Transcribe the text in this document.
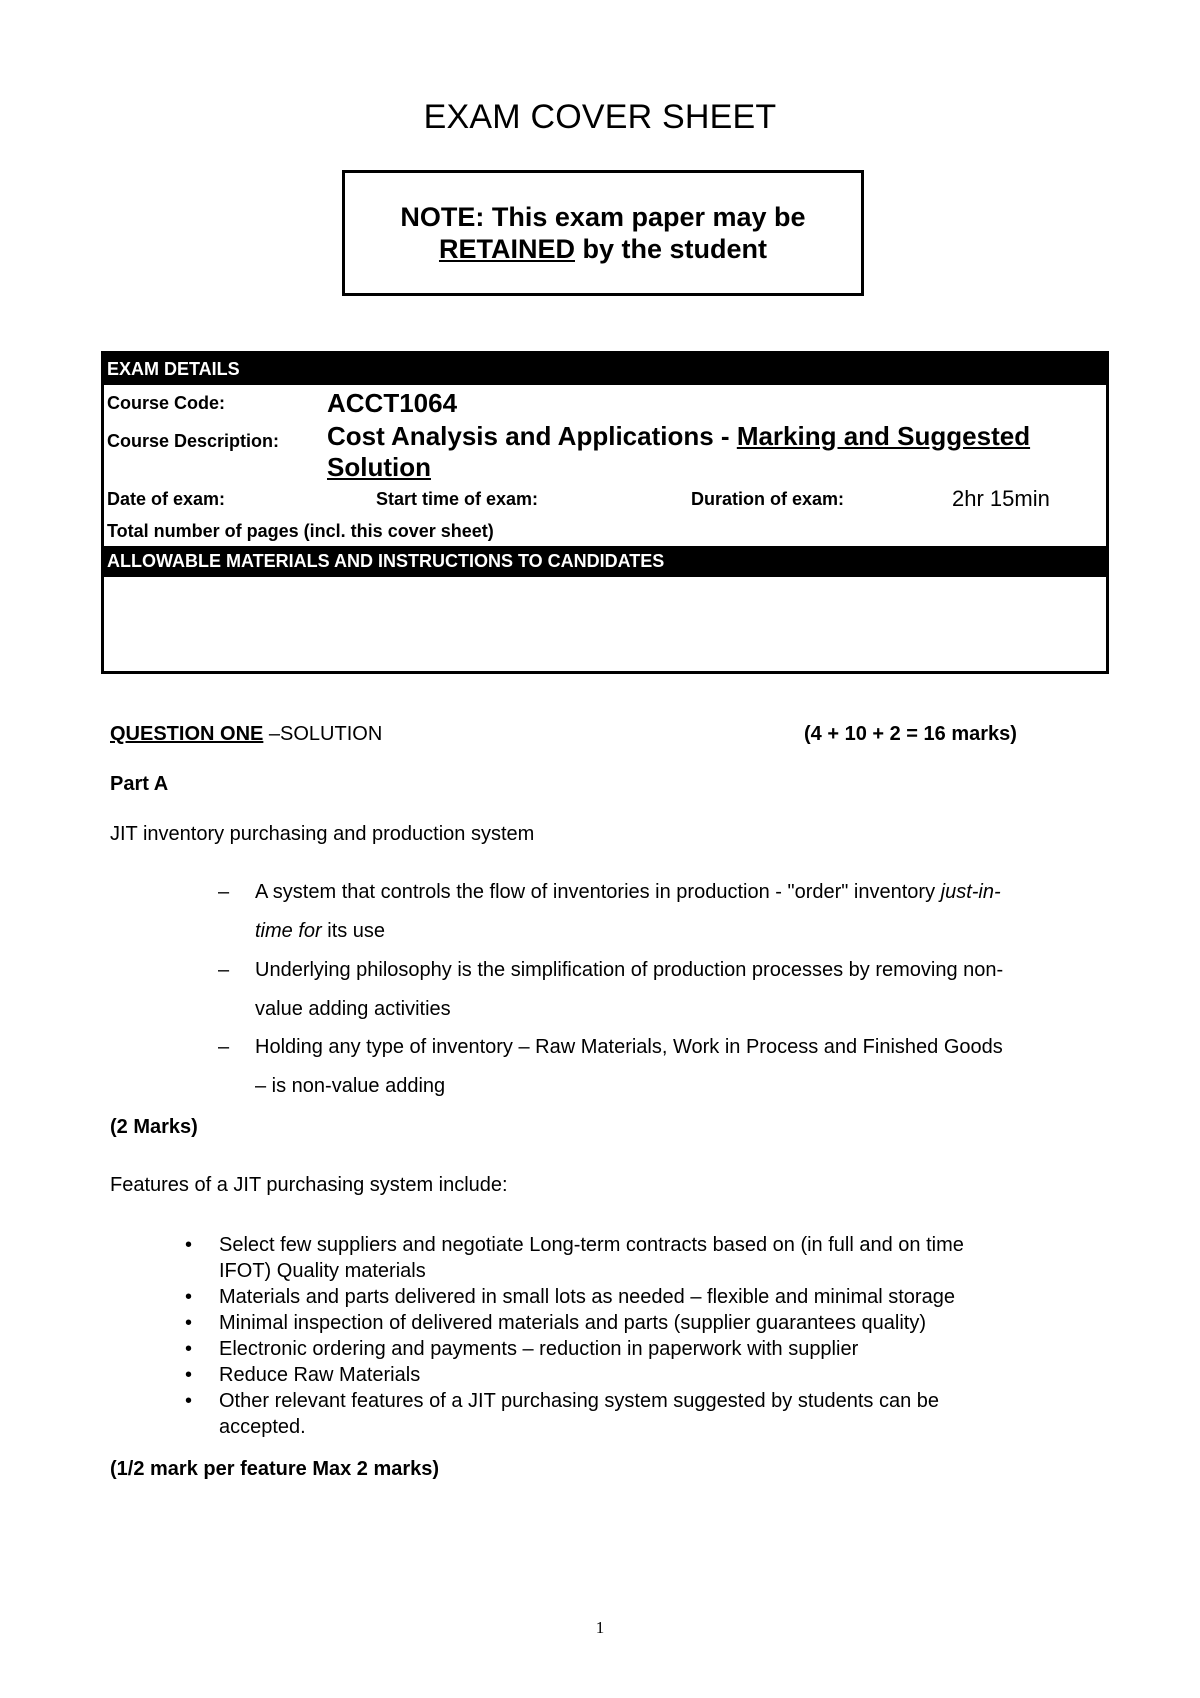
EXAM COVER SHEET
NOTE: This exam paper may be
RETAINED by the student
EXAM DETAILS
Course Code:	ACCT1064
Course Description: Cost Analysis and Applications - Marking and Suggested
Solution
Date of exam:	Start time of exam:	Duration of exam:	2hr 15min
Total number of pages (incl. this cover sheet)
ALLOWABLE MATERIALS AND INSTRUCTIONS TO CANDIDATES
QUESTION ONE –SOLUTION	(4 + 10 + 2 = 16 marks)
Part A
JIT inventory purchasing and production system
– A system that controls the flow of inventories in production - "order" inventory just-in-
time for its use
– Underlying philosophy is the simplification of production processes by removing non-
value adding activities
– Holding any type of inventory – Raw Materials, Work in Process and Finished Goods
– is non-value adding
(2 Marks)
Features of a JIT purchasing system include:
• Select few suppliers and negotiate Long-term contracts based on (in full and on time
IFOT) Quality materials
• Materials and parts delivered in small lots as needed – flexible and minimal storage
• Minimal inspection of delivered materials and parts (supplier guarantees quality)
• Electronic ordering and payments – reduction in paperwork with supplier
• Reduce Raw Materials
• Other relevant features of a JIT purchasing system suggested by students can be
accepted.
(1/2 mark per feature Max 2 marks)
1
